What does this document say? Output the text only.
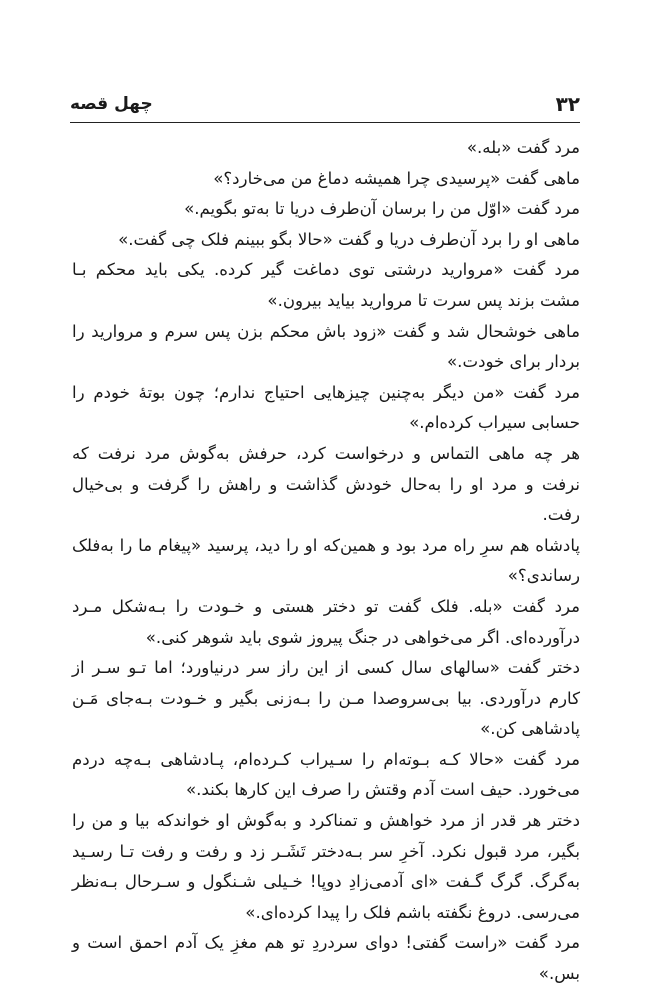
۳۲
چهل قصه

مرد گفت «بله.»

ماهی گفت «پرسیدی چرا همیشه دماغ من می‌خارد؟»

مرد گفت «اوّل من را برسان آن‌طرف دریا تا به‌تو بگویم.»

ماهی او را برد آن‌طرف دریا و گفت «حالا بگو ببینم فلک چی گفت.»

مرد گفت «مروارید درشتی توی دماغت گیر کرده. یکی باید محکم بـا مشت بزند پس سرت تا مروارید بیاید بیرون.»

ماهی خوشحال شد و گفت «زود باش محکم بزن پس سرم و مروارید را بردار برای خودت.»

مرد گفت «من دیگر به‌چنین چیزهایی احتیاج ندارم؛ چون بوتهٔ خودم را حسابی سیراب کرده‌ام.»

هر چه ماهی التماس و درخواست کرد، حرفش به‌گوش مرد نرفت که نرفت و مرد او را به‌حال خودش گذاشت و راهش را گرفت و بی‌خیال رفت.

پادشاه هم سرِ راه مرد بود و همین‌که او را دید، پرسید «پیغام ما را به‌فلک رساندی؟»

مرد گفت «بله. فلک گفت تو دختر هستی و خـودت را بـه‌شکل مـرد درآورده‌ای. اگر می‌خواهی در جنگ پیروز شوی باید شوهر کنی.»

دختر گفت «سالهای سال کسی از این راز سر درنیاورد؛ اما تـو سـر از کارم درآوردی. بیا بی‌سروصدا مـن را بـه‌زنی بگیر و خـودت بـه‌جای مَـن پادشاهی کن.»

مرد گفت «حالا کـه بـوته‌ام را سـیراب کـرده‌ام، پـادشاهی بـه‌چه دردم می‌خورد. حیف است آدم وقتش را صرف این کارها بکند.»

دختر هر قدر از مرد خواهش و تمناکرد و به‌گوش او خواندکه بیا و من را بگیر، مرد قبول نکرد. آخرِ سر بـه‌دختر تَشَـر زد و رفت و رفت تـا رسـید به‌گرگ. گرگ گـفت «ای آدمی‌زادِ دوپا! خـیلی شـنگول و سـرحال بـه‌نظر می‌رسی. دروغ نگفته باشم فلک را پیدا کرده‌ای.»

مرد گفت «راست گفتی! دوای سردردِ تو هم مغزِ یک آدم احمق است و بس.»
